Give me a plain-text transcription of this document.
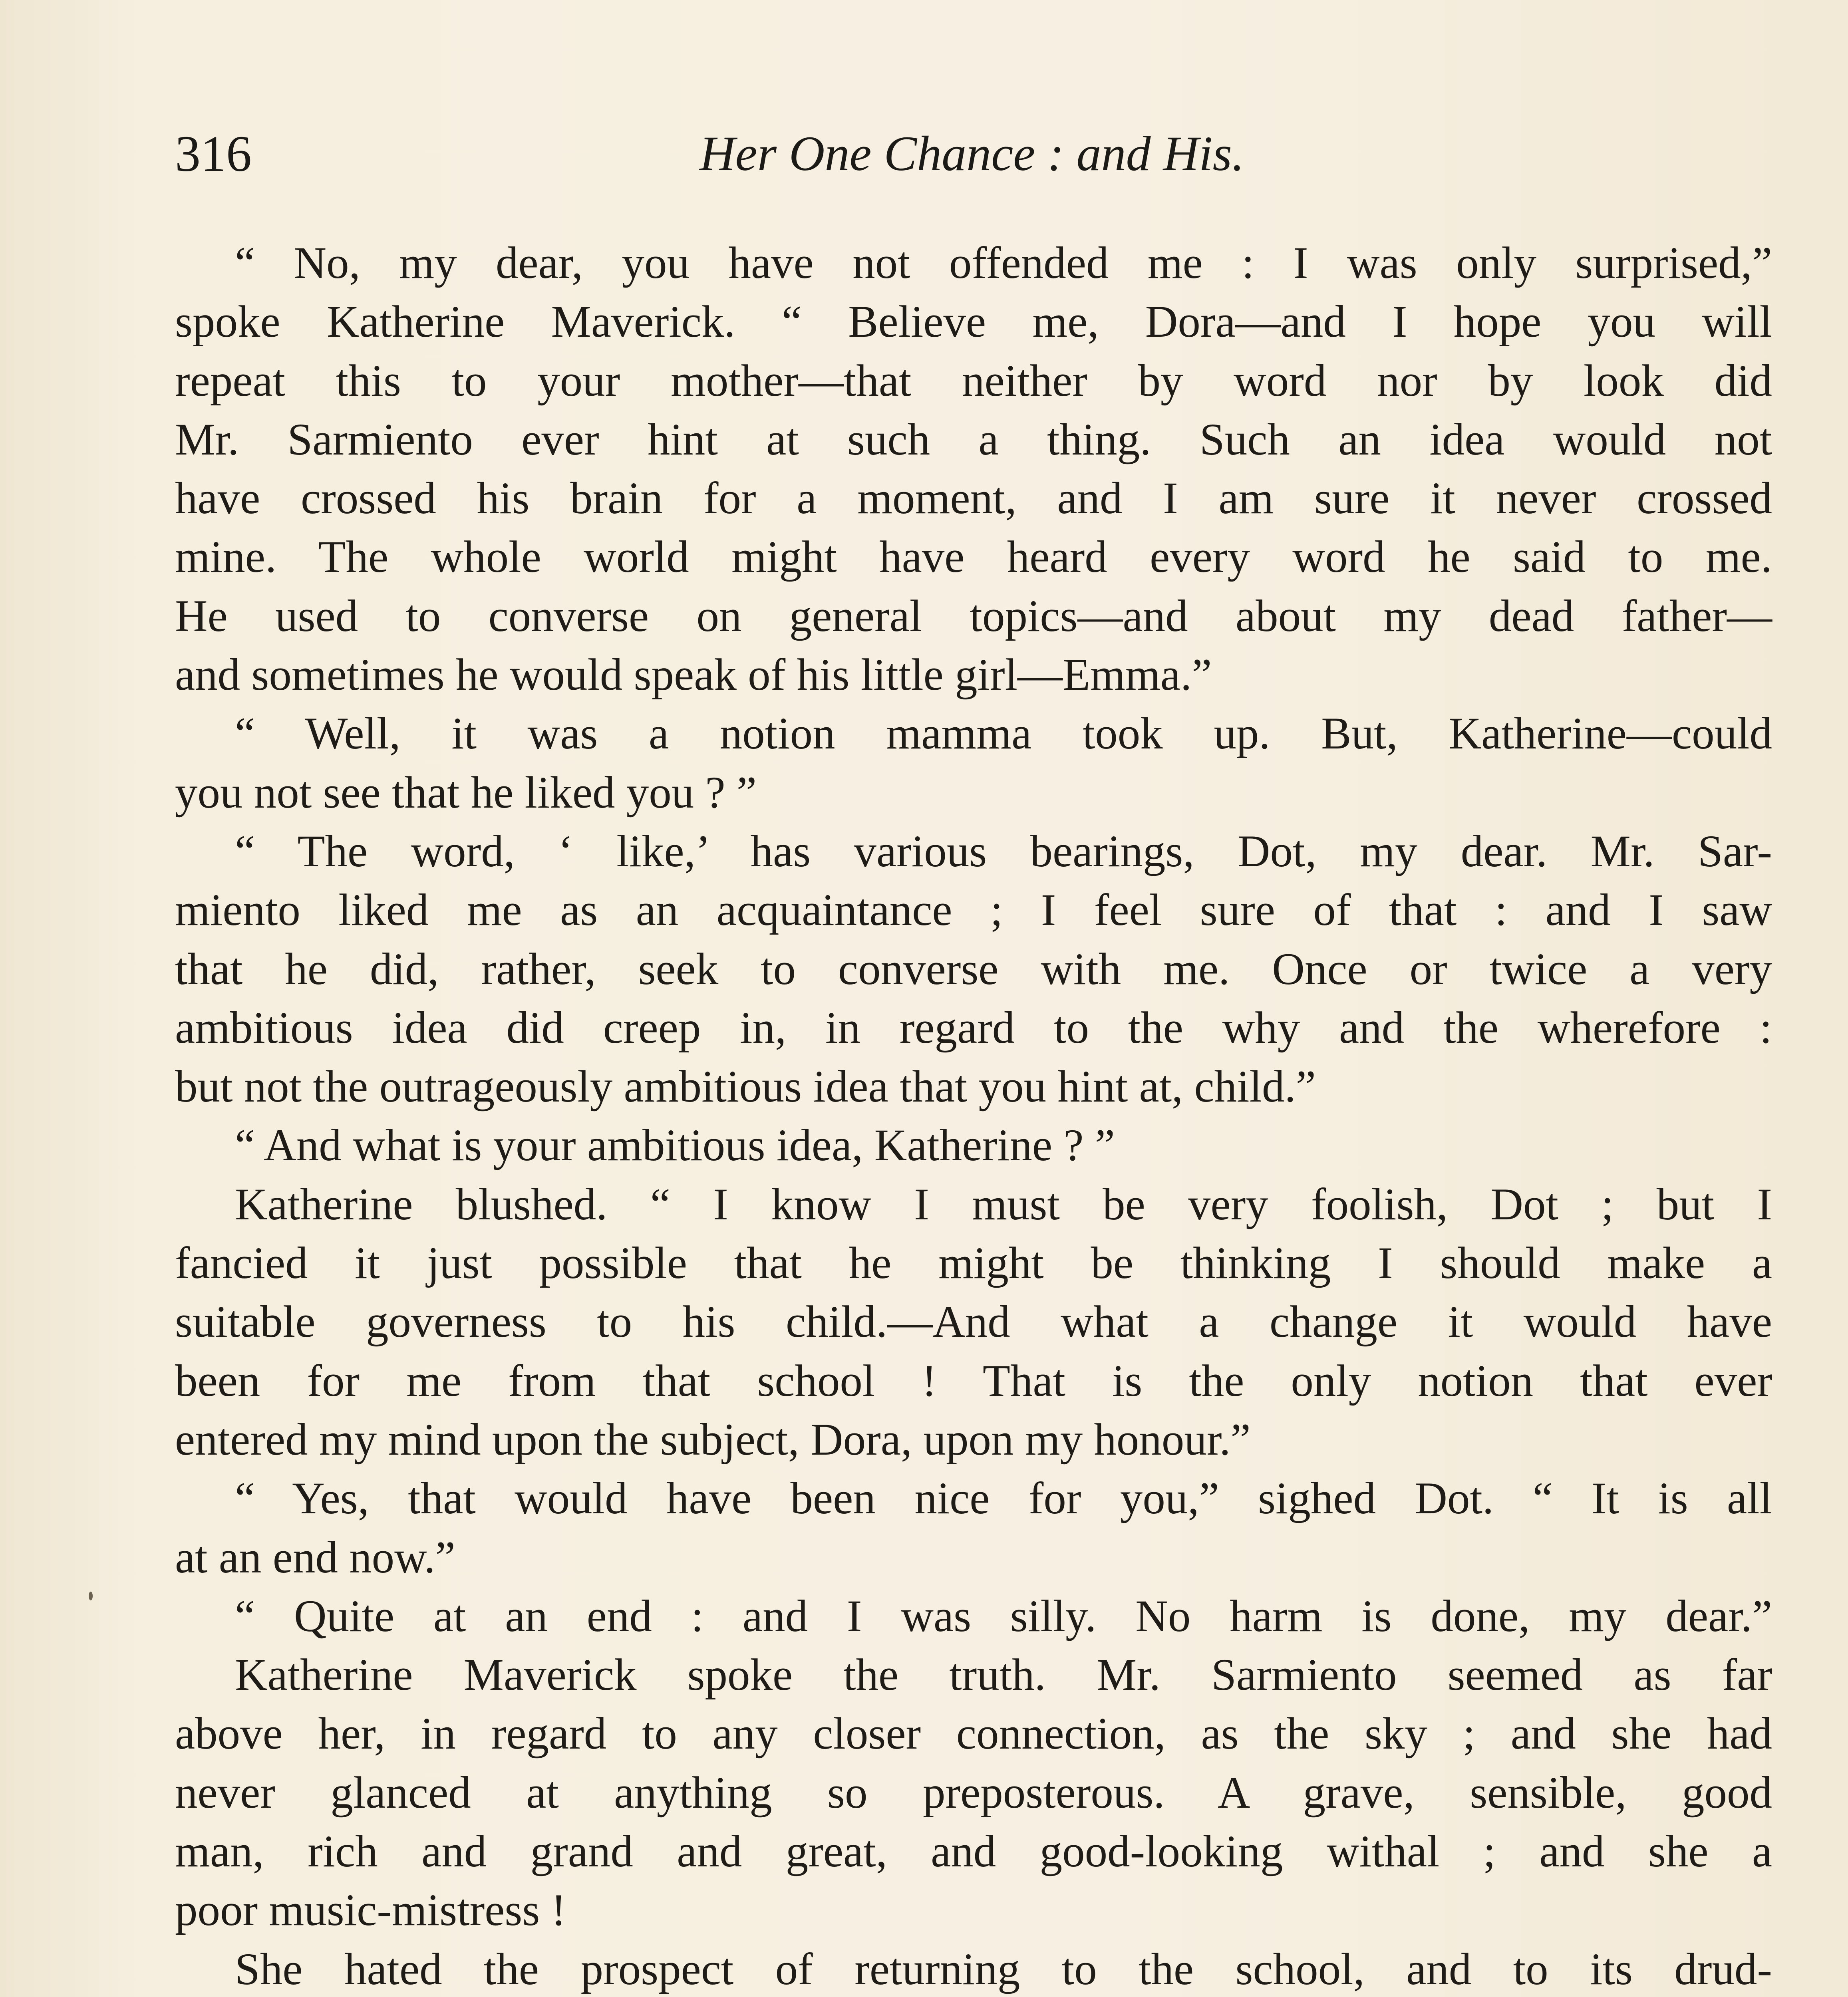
316	Her One Chance : and His.
“ No, my dear, you have not offended me : I was only surprised,”
spoke Katherine Maverick. “ Believe me, Dora—and I hope you will
repeat this to your mother—that neither by word nor by look did
Mr. Sarmiento ever hint at such a thing. Such an idea would not
have crossed his brain for a moment, and I am sure it never crossed
mine. The whole world might have heard every word he said to me.
He used to converse on general topics—and about my dead father—
and sometimes he would speak of his little girl—Emma.”
“ Well, it was a notion mamma took up. But, Katherine—could
you not see that he liked you ? ”
“ The word, ‘ like,’ has various bearings, Dot, my dear. Mr. Sar-
miento liked me as an acquaintance ; I feel sure of that : and I saw
that he did, rather, seek to converse with me. Once or twice a very
ambitious idea did creep in, in regard to the why and the wherefore :
but not the outrageously ambitious idea that you hint at, child.”
“ And what is your ambitious idea, Katherine ? ”
Katherine blushed. “ I know I must be very foolish, Dot ; but I
fancied it just possible that he might be thinking I should make a
suitable governess to his child.—And what a change it would have
been for me from that school ! That is the only notion that ever
entered my mind upon the subject, Dora, upon my honour.”
“ Yes, that would have been nice for you,” sighed Dot. “ It is all
at an end now.”
“ Quite at an end : and I was silly. No harm is done, my dear.”
Katherine Maverick spoke the truth. Mr. Sarmiento seemed as far
above her, in regard to any closer connection, as the sky ; and she had
never glanced at anything so preposterous. A grave, sensible, good
man, rich and grand and great, and good-looking withal ; and she a
poor music-mistress !
She hated the prospect of returning to the school, and to its drud-
